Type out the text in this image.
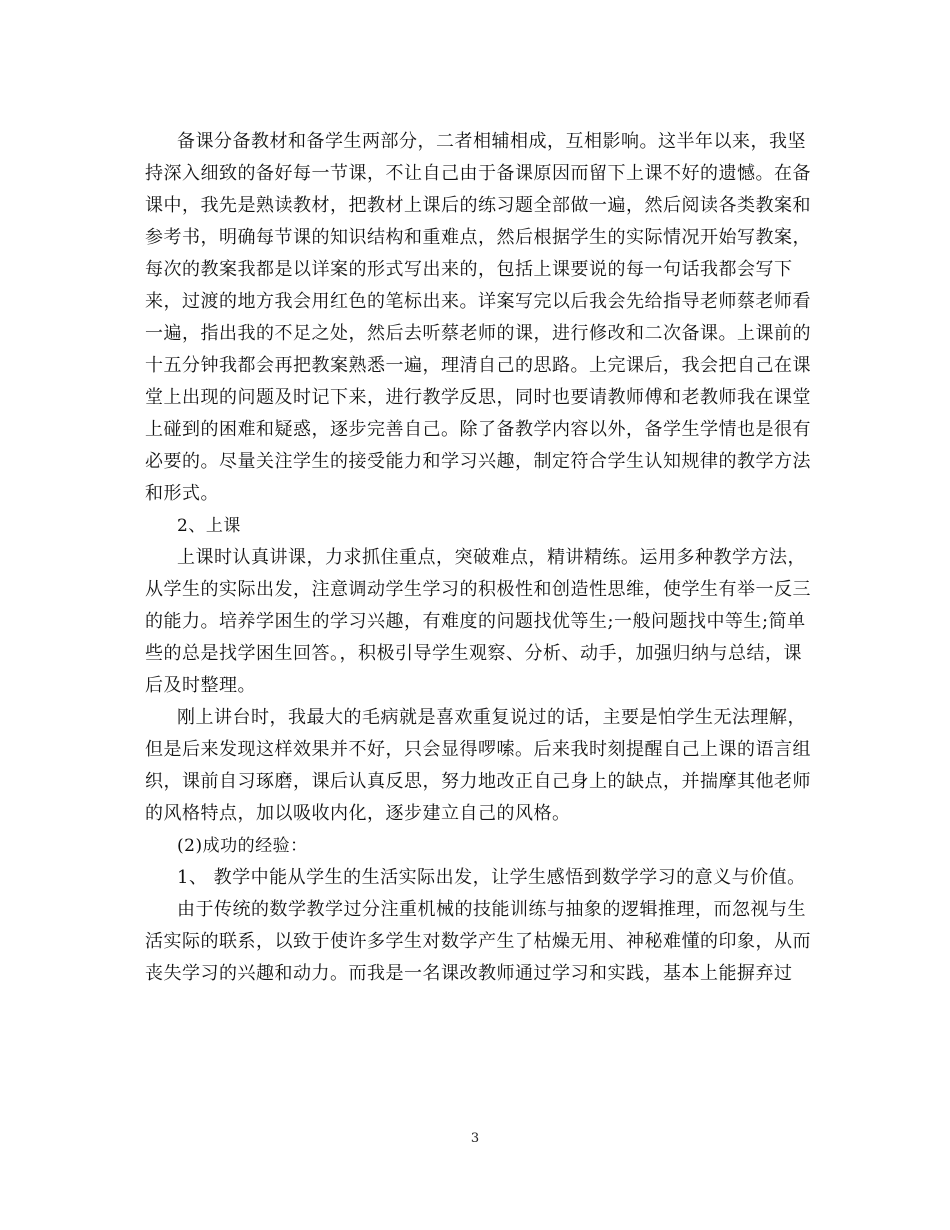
备课分备教材和备学生两部分，二者相辅相成，互相影响。这半年以来，我坚
持深入细致的备好每一节课，不让自己由于备课原因而留下上课不好的遗憾。在备
课中，我先是熟读教材，把教材上课后的练习题全部做一遍，然后阅读各类教案和
参考书，明确每节课的知识结构和重难点，然后根据学生的实际情况开始写教案，
每次的教案我都是以详案的形式写出来的，包括上课要说的每一句话我都会写下
来，过渡的地方我会用红色的笔标出来。详案写完以后我会先给指导老师蔡老师看
一遍，指出我的不足之处，然后去听蔡老师的课，进行修改和二次备课。上课前的
十五分钟我都会再把教案熟悉一遍，理清自己的思路。上完课后，我会把自己在课
堂上出现的问题及时记下来，进行教学反思，同时也要请教师傅和老教师我在课堂
上碰到的困难和疑惑，逐步完善自己。除了备教学内容以外，备学生学情也是很有
必要的。尽量关注学生的接受能力和学习兴趣，制定符合学生认知规律的教学方法
和形式。
2、上课
上课时认真讲课，力求抓住重点，突破难点，精讲精练。运用多种教学方法，
从学生的实际出发，注意调动学生学习的积极性和创造性思维，使学生有举一反三
的能力。培养学困生的学习兴趣，有难度的问题找优等生;一般问题找中等生;简单
些的总是找学困生回答。，积极引导学生观察、分析、动手，加强归纳与总结，课
后及时整理。
刚上讲台时，我最大的毛病就是喜欢重复说过的话，主要是怕学生无法理解，
但是后来发现这样效果并不好，只会显得啰嗦。后来我时刻提醒自己上课的语言组
织，课前自习琢磨，课后认真反思，努力地改正自己身上的缺点，并揣摩其他老师
的风格特点，加以吸收内化，逐步建立自己的风格。
(2)成功的经验：
1、 教学中能从学生的生活实际出发，让学生感悟到数学学习的意义与价值。
由于传统的数学教学过分注重机械的技能训练与抽象的逻辑推理，而忽视与生
活实际的联系，以致于使许多学生对数学产生了枯燥无用、神秘难懂的印象，从而
丧失学习的兴趣和动力。而我是一名课改教师通过学习和实践，基本上能摒弃过
3
